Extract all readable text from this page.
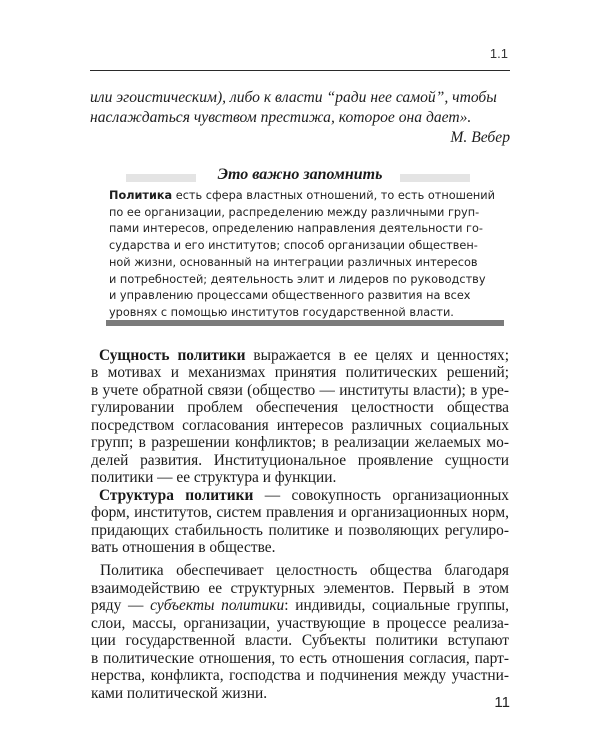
1.1
или эгоистическим), либо к власти “ради нее самой”, чтобы
наслаждаться чувством престижа, которое она дает».
М. Вебер
Это важно запомнить
Политика есть сфера властных отношений, то есть отношений
по ее организации, распределению между различными груп-
пами интересов, определению направления деятельности го-
сударства и его институтов; способ организации обществен-
ной жизни, основанный на интеграции различных интересов
и потребностей; деятельность элит и лидеров по руководству
и управлению процессами общественного развития на всех
уровнях с помощью институтов государственной власти.
Сущность политики выражается в ее целях и ценностях;
в мотивах и механизмах принятия политических решений;
в учете обратной связи (общество — институты власти); в уре-
гулировании проблем обеспечения целостности общества
посредством согласования интересов различных социальных
групп; в разрешении конфликтов; в реализации желаемых мо-
делей развития. Институциональное проявление сущности
политики — ее структура и функции.
Структура политики — совокупность организационных
форм, институтов, систем правления и организационных норм,
придающих стабильность политике и позволяющих регулиро-
вать отношения в обществе.
Политика обеспечивает целостность общества благодаря
взаимодействию ее структурных элементов. Первый в этом
ряду — субъекты политики: индивиды, социальные группы,
слои, массы, организации, участвующие в процессе реализа-
ции государственной власти. Субъекты политики вступают
в политические отношения, то есть отношения согласия, парт-
нерства, конфликта, господства и подчинения между участни-
ками политической жизни.
11
